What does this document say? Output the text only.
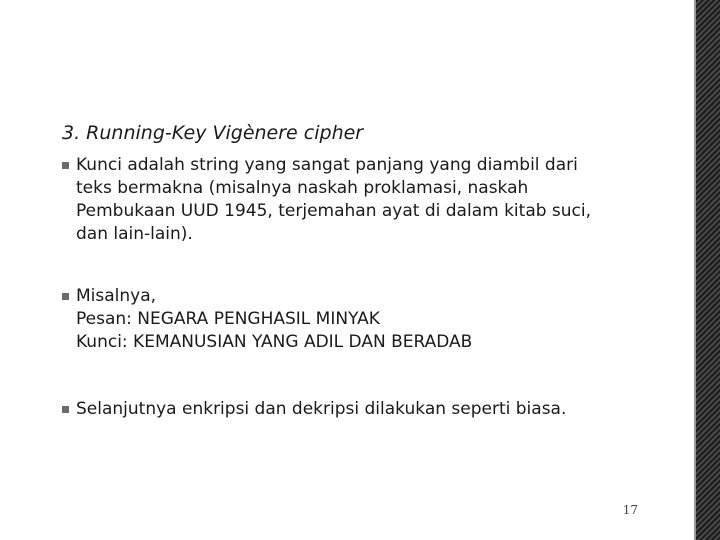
3. Running-Key Vigènere cipher
Kunci adalah string yang sangat panjang yang diambil dari
teks bermakna (misalnya naskah proklamasi, naskah
Pembukaan UUD 1945, terjemahan ayat di dalam kitab suci,
dan lain-lain).
Misalnya,
Pesan: NEGARA PENGHASIL MINYAK
Kunci: KEMANUSIAN YANG ADIL DAN BERADAB
Selanjutnya enkripsi dan dekripsi dilakukan seperti biasa.
17
